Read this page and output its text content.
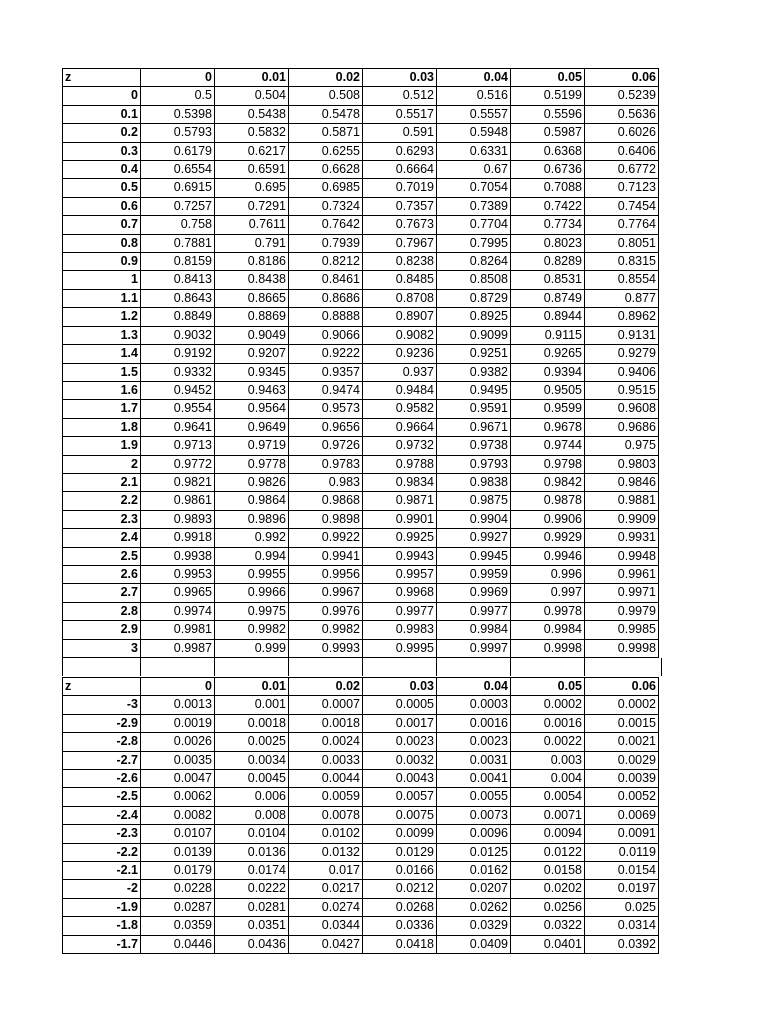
z	0	0.01	0.02	0.03	0.04	0.05	0.06
0	0.5	0.504	0.508	0.512	0.516	0.5199	0.5239
0.1	0.5398	0.5438	0.5478	0.5517	0.5557	0.5596	0.5636
0.2	0.5793	0.5832	0.5871	0.591	0.5948	0.5987	0.6026
0.3	0.6179	0.6217	0.6255	0.6293	0.6331	0.6368	0.6406
0.4	0.6554	0.6591	0.6628	0.6664	0.67	0.6736	0.6772
0.5	0.6915	0.695	0.6985	0.7019	0.7054	0.7088	0.7123
0.6	0.7257	0.7291	0.7324	0.7357	0.7389	0.7422	0.7454
0.7	0.758	0.7611	0.7642	0.7673	0.7704	0.7734	0.7764
0.8	0.7881	0.791	0.7939	0.7967	0.7995	0.8023	0.8051
0.9	0.8159	0.8186	0.8212	0.8238	0.8264	0.8289	0.8315
1	0.8413	0.8438	0.8461	0.8485	0.8508	0.8531	0.8554
1.1	0.8643	0.8665	0.8686	0.8708	0.8729	0.8749	0.877
1.2	0.8849	0.8869	0.8888	0.8907	0.8925	0.8944	0.8962
1.3	0.9032	0.9049	0.9066	0.9082	0.9099	0.9115	0.9131
1.4	0.9192	0.9207	0.9222	0.9236	0.9251	0.9265	0.9279
1.5	0.9332	0.9345	0.9357	0.937	0.9382	0.9394	0.9406
1.6	0.9452	0.9463	0.9474	0.9484	0.9495	0.9505	0.9515
1.7	0.9554	0.9564	0.9573	0.9582	0.9591	0.9599	0.9608
1.8	0.9641	0.9649	0.9656	0.9664	0.9671	0.9678	0.9686
1.9	0.9713	0.9719	0.9726	0.9732	0.9738	0.9744	0.975
2	0.9772	0.9778	0.9783	0.9788	0.9793	0.9798	0.9803
2.1	0.9821	0.9826	0.983	0.9834	0.9838	0.9842	0.9846
2.2	0.9861	0.9864	0.9868	0.9871	0.9875	0.9878	0.9881
2.3	0.9893	0.9896	0.9898	0.9901	0.9904	0.9906	0.9909
2.4	0.9918	0.992	0.9922	0.9925	0.9927	0.9929	0.9931
2.5	0.9938	0.994	0.9941	0.9943	0.9945	0.9946	0.9948
2.6	0.9953	0.9955	0.9956	0.9957	0.9959	0.996	0.9961
2.7	0.9965	0.9966	0.9967	0.9968	0.9969	0.997	0.9971
2.8	0.9974	0.9975	0.9976	0.9977	0.9977	0.9978	0.9979
2.9	0.9981	0.9982	0.9982	0.9983	0.9984	0.9984	0.9985
3	0.9987	0.999	0.9993	0.9995	0.9997	0.9998	0.9998
z	0	0.01	0.02	0.03	0.04	0.05	0.06
-3	0.0013	0.001	0.0007	0.0005	0.0003	0.0002	0.0002
-2.9	0.0019	0.0018	0.0018	0.0017	0.0016	0.0016	0.0015
-2.8	0.0026	0.0025	0.0024	0.0023	0.0023	0.0022	0.0021
-2.7	0.0035	0.0034	0.0033	0.0032	0.0031	0.003	0.0029
-2.6	0.0047	0.0045	0.0044	0.0043	0.0041	0.004	0.0039
-2.5	0.0062	0.006	0.0059	0.0057	0.0055	0.0054	0.0052
-2.4	0.0082	0.008	0.0078	0.0075	0.0073	0.0071	0.0069
-2.3	0.0107	0.0104	0.0102	0.0099	0.0096	0.0094	0.0091
-2.2	0.0139	0.0136	0.0132	0.0129	0.0125	0.0122	0.0119
-2.1	0.0179	0.0174	0.017	0.0166	0.0162	0.0158	0.0154
-2	0.0228	0.0222	0.0217	0.0212	0.0207	0.0202	0.0197
-1.9	0.0287	0.0281	0.0274	0.0268	0.0262	0.0256	0.025
-1.8	0.0359	0.0351	0.0344	0.0336	0.0329	0.0322	0.0314
-1.7	0.0446	0.0436	0.0427	0.0418	0.0409	0.0401	0.0392
